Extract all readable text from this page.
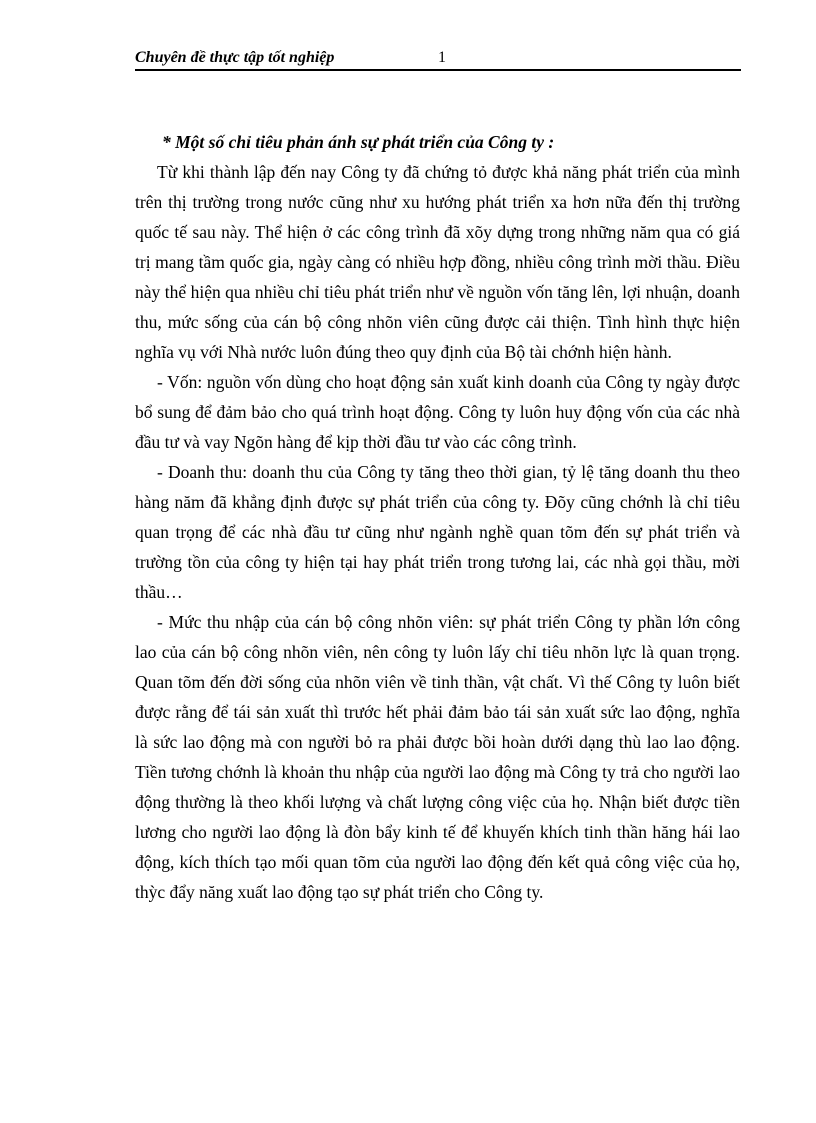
Chuyên đề thực tập tốt nghiệp	1

* Một số chỉ tiêu phản ánh sự phát triển của Công ty :

Từ khi thành lập đến nay Công ty đã chứng tỏ được khả năng phát triển của mình trên thị trường trong nước cũng như xu hướng phát triển xa hơn nữa đến thị trường quốc tế sau này. Thể hiện ở các công trình đã xõy dựng trong những năm qua có giá trị mang tầm quốc gia, ngày càng có nhiều hợp đồng, nhiều công trình mời thầu. Điều này thể hiện qua nhiều chỉ tiêu phát triển như về nguồn vốn tăng lên, lợi nhuận, doanh thu, mức sống của cán bộ công nhõn viên cũng được cải thiện. Tình hình thực hiện nghĩa vụ với Nhà nước luôn đúng theo quy định của Bộ tài chớnh hiện hành.

- Vốn: nguồn vốn dùng cho hoạt động sản xuất kinh doanh của Công ty ngày được bổ sung để đảm bảo cho quá trình hoạt động. Công ty luôn huy động vốn của các nhà đầu tư và vay Ngõn hàng để kịp thời đầu tư vào các công trình.

- Doanh thu: doanh thu của Công ty tăng theo thời gian, tỷ lệ tăng doanh thu theo hàng năm đã khẳng định được sự phát triển của công ty. Đõy cũng chớnh là chỉ tiêu quan trọng để các nhà đầu tư cũng như ngành nghề quan tõm đến sự phát triển và trường tồn của công ty hiện tại hay phát triển trong tương lai, các nhà gọi thầu, mời thầu…

- Mức thu nhập của cán bộ công nhõn viên: sự phát triển Công ty phần lớn công lao của cán bộ công nhõn viên, nên công ty luôn lấy chỉ tiêu nhõn lực là quan trọng. Quan tõm đến đời sống của nhõn viên về tinh thần, vật chất. Vì thế Công ty luôn biết được rằng để tái sản xuất thì trước hết phải đảm bảo tái sản xuất sức lao động, nghĩa là sức lao động mà con người bỏ ra phải được bồi hoàn dưới dạng thù lao lao động. Tiền tương chớnh là khoản thu nhập của người lao động mà Công ty trả cho người lao động thường là theo khối lượng và chất lượng công việc của họ. Nhận biết được tiền lương cho người lao động là đòn bẩy kinh tế để khuyến khích tinh thần hăng hái lao động, kích thích tạo mối quan tõm của người lao động đến kết quả công việc của họ, thỳc đẩy năng xuất lao động tạo sự phát triển cho Công ty.
